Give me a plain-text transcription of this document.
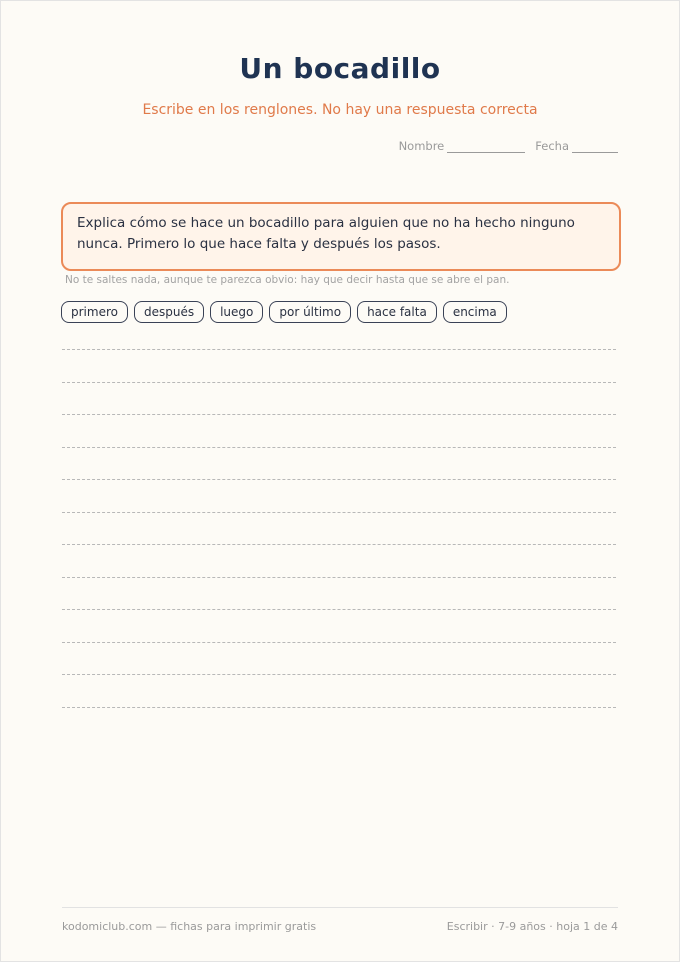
Un bocadillo
Escribe en los renglones. No hay una respuesta correcta
Nombre	Fecha
Explica cómo se hace un bocadillo para alguien que no ha hecho ninguno nunca. Primero lo que hace falta y después los pasos.
No te saltes nada, aunque te parezca obvio: hay que decir hasta que se abre el pan.
primero	después	luego	por último	hace falta	encima
kodomiclub.com — fichas para imprimir gratis	Escribir · 7-9 años · hoja 1 de 4
